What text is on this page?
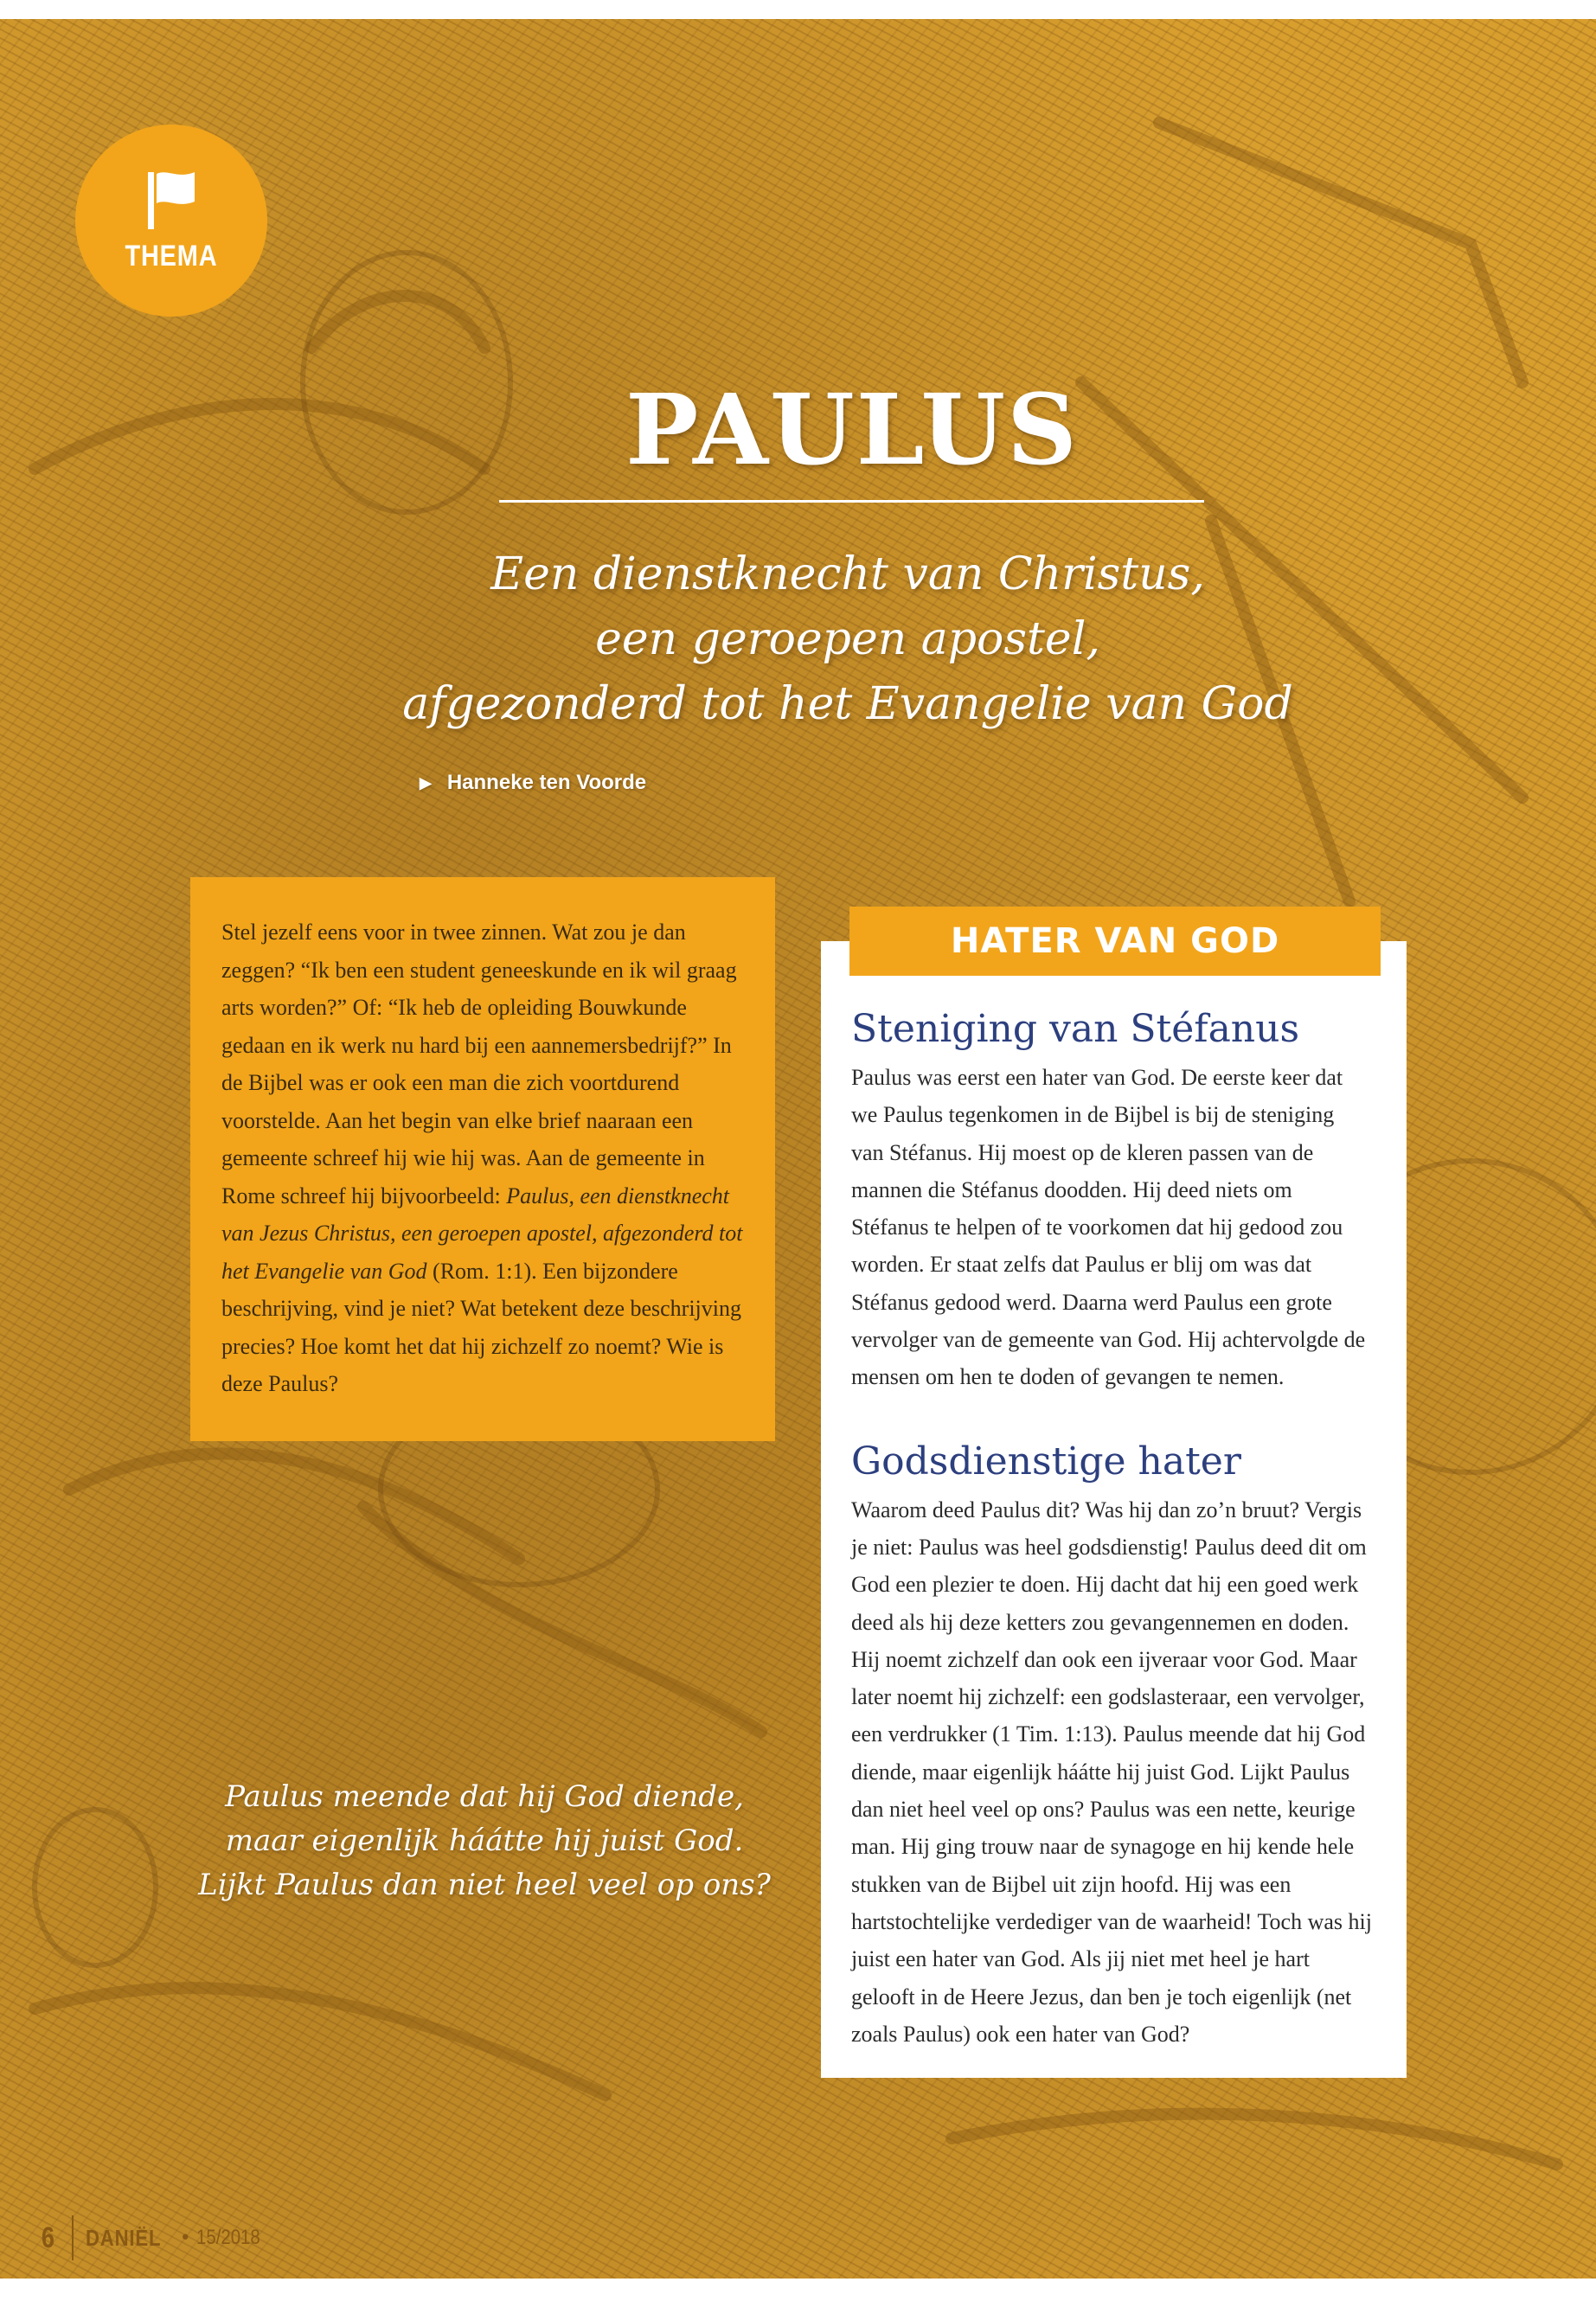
THEMA
PAULUS
Een dienstknecht van Christus,
een geroepen apostel,
afgezonderd tot het Evangelie van God
▶ Hanneke ten Voorde

Stel jezelf eens voor in twee zinnen. Wat zou je dan zeggen? “Ik ben een student geneeskunde en ik wil graag arts worden?” Of: “Ik heb de opleiding Bouwkunde gedaan en ik werk nu hard bij een aannemersbedrijf?” In de Bijbel was er ook een man die zich voortdurend voorstelde. Aan het begin van elke brief naaraan een gemeente schreef hij wie hij was. Aan de gemeente in Rome schreef hij bijvoorbeeld: Paulus, een dienstknecht van Jezus Christus, een geroepen apostel, afgezonderd tot het Evangelie van God (Rom. 1:1). Een bijzondere beschrijving, vind je niet? Wat betekent deze beschrijving precies? Hoe komt het dat hij zichzelf zo noemt? Wie is deze Paulus?

Paulus meende dat hij God diende, maar eigenlijk háátte hij juist God. Lijkt Paulus dan niet heel veel op ons?
Steniging van Stéfanus

Paulus was eerst een hater van God. De eerste keer dat we Paulus tegenkomen in de Bijbel is bij de steniging van Stéfanus. Hij moest op de kleren passen van de mannen die Stéfanus doodden. Hij deed niets om Stéfanus te helpen of te voorkomen dat hij gedood zou worden. Er staat zelfs dat Paulus er blij om was dat Stéfanus gedood werd. Daarna werd Paulus een grote vervolger van de gemeente van God. Hij achtervolgde de mensen om hen te doden of gevangen te nemen.

Godsdienstige hater

Waarom deed Paulus dit? Was hij dan zo’n bruut? Vergis je niet: Paulus was heel godsdienstig! Paulus deed dit om God een plezier te doen. Hij dacht dat hij een goed werk deed als hij deze ketters zou gevangennemen en doden. Hij noemt zichzelf dan ook een ijveraar voor God. Maar later noemt hij zichzelf: een godslasteraar, een vervolger, een verdrukker (1 Tim. 1:13). Paulus meende dat hij God diende, maar eigenlijk háátte hij juist God. Lijkt Paulus dan niet heel veel op ons? Paulus was een nette, keurige man. Hij ging trouw naar de synagoge en hij kende hele stukken van de Bijbel uit zijn hoofd. Hij was een hartstochtelijke verdediger van de waarheid! Toch was hij juist een hater van God. Als jij niet met heel je hart gelooft in de Heere Jezus, dan ben je toch eigenlijk (net zoals Paulus) ook een hater van God?

HATER VAN GOD
6 DANIËL • 15/2018
